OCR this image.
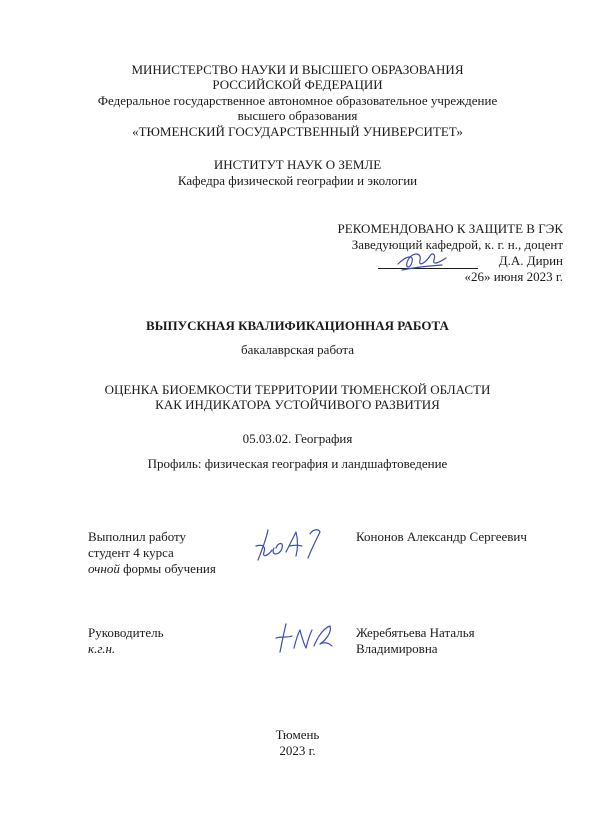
МИНИСТЕРСТВО НАУКИ И ВЫСШЕГО ОБРАЗОВАНИЯ
РОССИЙСКОЙ ФЕДЕРАЦИИ
Федеральное государственное автономное образовательное учреждение
высшего образования
«ТЮМЕНСКИЙ ГОСУДАРСТВЕННЫЙ УНИВЕРСИТЕТ»
ИНСТИТУТ НАУК О ЗЕМЛЕ
Кафедра физической географии и экологии
РЕКОМЕНДОВАНО К ЗАЩИТЕ В ГЭК
Заведующий кафедрой, к. г. н., доцент
Д.А. Дирин
«26» июня 2023 г.
ВЫПУСКНАЯ КВАЛИФИКАЦИОННАЯ РАБОТА
бакалаврская работа
ОЦЕНКА БИОЕМКОСТИ ТЕРРИТОРИИ ТЮМЕНСКОЙ ОБЛАСТИ
КАК ИНДИКАТОРА УСТОЙЧИВОГО РАЗВИТИЯ
05.03.02. География
Профиль: физическая география и ландшафтоведение
Выполнил работу
студент 4 курса
очной формы обучения
Кононов Александр Сергеевич
Руководитель
к.г.н.
Жеребятьева Наталья
Владимировна
Тюмень
2023 г.
